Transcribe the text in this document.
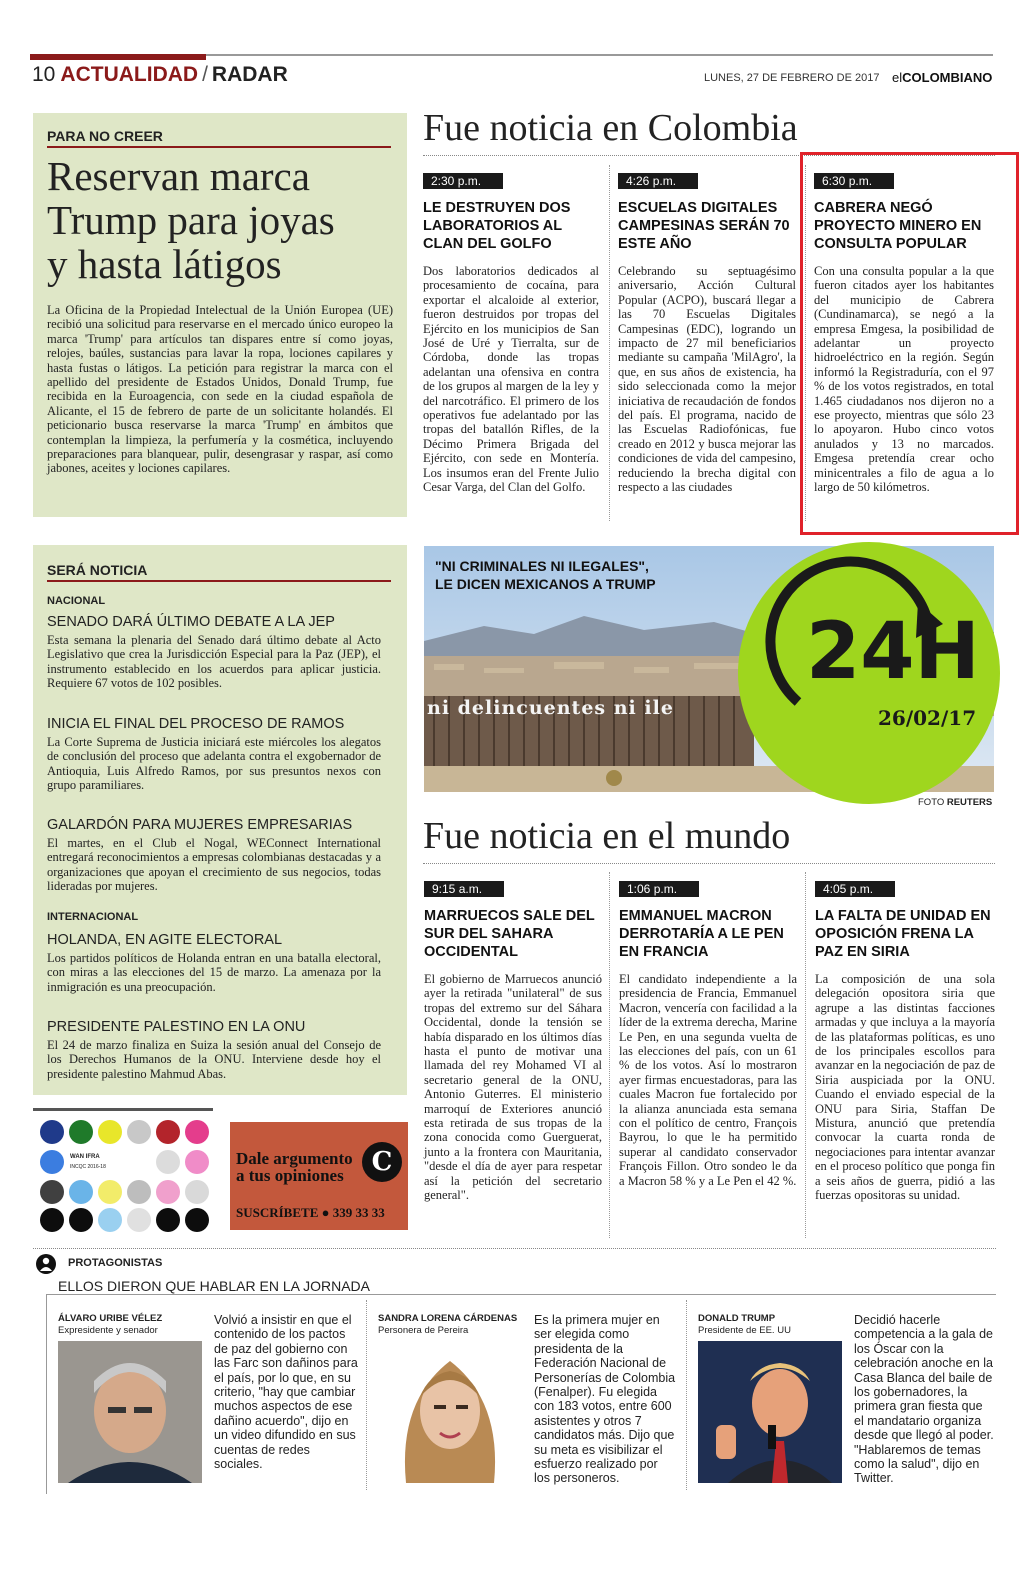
10 ACTUALIDAD / RADAR	LUNES, 27 DE FEBRERO DE 2017 elCOLOMBIANO
PARA NO CREER
Reservan marca
Trump para joyas
y hasta látigos
La Oficina de la Propiedad Intelectual de la Unión Europea (UE) recibió una solicitud para reservarse en el mercado único europeo la marca 'Trump' para artículos tan dispares entre sí como joyas, relojes, baúles, sustancias para lavar la ropa, lociones capilares y hasta fustas o látigos. La petición para registrar la marca con el apellido del presidente de Estados Unidos, Donald Trump, fue recibida en la Euroagencia, con sede en la ciudad española de Alicante, el 15 de febrero de parte de un solicitante holandés. El peticionario busca reservarse la marca 'Trump' en ámbitos que contemplan la limpieza, la perfumería y la cosmética, incluyendo preparaciones para blanquear, pulir, desengrasar y raspar, así como jabones, aceites y lociones capilares.
Fue noticia en Colombia
2:30 p.m.
LE DESTRUYEN DOS LABORATORIOS AL CLAN DEL GOLFO
Dos laboratorios dedicados al procesamiento de cocaína, para exportar el alcaloide al exterior, fueron destruidos por tropas del Ejército en los municipios de San José de Uré y Tierralta, sur de Córdoba, donde las tropas adelantan una ofensiva en contra de los grupos al margen de la ley y del narcotráfico. El primero de los operativos fue adelantado por las tropas del batallón Rifles, de la Décimo Primera Brigada del Ejército, con sede en Montería. Los insumos eran del Frente Julio Cesar Varga, del Clan del Golfo.
4:26 p.m.
ESCUELAS DIGITALES CAMPESINAS SERÁN 70 ESTE AÑO
Celebrando su septuagésimo aniversario, Acción Cultural Popular (ACPO), buscará llegar a las 70 Escuelas Digitales Campesinas (EDC), logrando un impacto de 27 mil beneficiarios mediante su campaña 'MilAgro', la que, en sus años de existencia, ha sido seleccionada como la mejor iniciativa de recaudación de fondos del país. El programa, nacido de las Escuelas Radiofónicas, fue creado en 2012 y busca mejorar las condiciones de vida del campesino, reduciendo la brecha digital con respecto a las ciudades
6:30 p.m.
CABRERA NEGÓ PROYECTO MINERO EN CONSULTA POPULAR
Con una consulta popular a la que fueron citados ayer los habitantes del municipio de Cabrera (Cundinamarca), se negó a la empresa Emgesa, la posibilidad de adelantar un proyecto hidroeléctrico en la región. Según informó la Registraduría, con el 97 % de los votos registrados, en total 1.465 ciudadanos nos dijeron no a ese proyecto, mientras que sólo 23 lo apoyaron. Hubo cinco votos anulados y 13 no marcados. Emgesa pretendía crear ocho minicentrales a filo de agua a lo largo de 50 kilómetros.
SERÁ NOTICIA
NACIONAL
SENADO DARÁ ÚLTIMO DEBATE A LA JEP
Esta semana la plenaria del Senado dará último debate al Acto Legislativo que crea la Jurisdicción Especial para la Paz (JEP), el instrumento establecido en los acuerdos para aplicar justicia. Requiere 67 votos de 102 posibles.
INICIA EL FINAL DEL PROCESO DE RAMOS
La Corte Suprema de Justicia iniciará este miércoles los alegatos de conclusión del proceso que adelanta contra el exgobernador de Antioquia, Luis Alfredo Ramos, por sus presuntos nexos con grupo paramiliares.
GALARDÓN PARA MUJERES EMPRESARIAS
El martes, en el Club el Nogal, WEConnect International entregará reconocimientos a empresas colombianas destacadas y a organizaciones que apoyan el crecimiento de sus negocios, todas lideradas por mujeres.
INTERNACIONAL
HOLANDA, EN AGITE ELECTORAL
Los partidos políticos de Holanda entran en una batalla electoral, con miras a las elecciones del 15 de marzo. La amenaza por la inmigración es una preocupación.
PRESIDENTE PALESTINO EN LA ONU
El 24 de marzo finaliza en Suiza la sesión anual del Consejo de los Derechos Humanos de la ONU. Interviene desde hoy el presidente palestino Mahmud Abas.
ni delincuentes ni ile
"NI CRIMINALES NI ILEGALES",
LE DICEN MEXICANOS A TRUMP
24H
26/02/17
FOTO REUTERS
Fue noticia en el mundo
9:15 a.m.
MARRUECOS SALE DEL SUR DEL SAHARA OCCIDENTAL
El gobierno de Marruecos anunció ayer la retirada "unilateral" de sus tropas del extremo sur del Sáhara Occidental, donde la tensión se había disparado en los últimos días hasta el punto de motivar una llamada del rey Mohamed VI al secretario general de la ONU, Antonio Guterres. El ministerio marroquí de Exteriores anunció esta retirada de sus tropas de la zona conocida como Guerguerat, junto a la frontera con Mauritania, "desde el día de ayer para respetar así la petición del secretario general".
1:06 p.m.
EMMANUEL MACRON DERROTARÍA A LE PEN EN FRANCIA
El candidato independiente a la presidencia de Francia, Emmanuel Macron, vencería con facilidad a la líder de la extrema derecha, Marine Le Pen, en una segunda vuelta de las elecciones del país, con un 61 % de los votos. Así lo mostraron ayer firmas encuestadoras, para las cuales Macron fue fortalecido por la alianza anunciada esta semana con el político de centro, François Bayrou, lo que le ha permitido superar al candidato conservador François Fillon. Otro sondeo le da a Macron 58 % y a Le Pen el 42 %.
4:05 p.m.
LA FALTA DE UNIDAD EN OPOSICIÓN FRENA LA PAZ EN SIRIA
La composición de una sola delegación opositora siria que agrupe a las distintas facciones armadas y que incluya a la mayoría de las plataformas políticas, es uno de los principales escollos para avanzar en la negociación de paz de Siria auspiciada por la ONU. Cuando el enviado especial de la ONU para Siria, Staffan De Mistura, anunció que pretendía convocar la cuarta ronda de negociaciones para intentar avanzar en el proceso político que ponga fin a seis años de guerra, pidió a las fuerzas opositoras su unidad.
WAN IFRA
INCQC 2016-18	Dale argumento
a tus opiniones	C
SUSCRÍBETE ● 339 33 33
PROTAGONISTAS
ELLOS DIERON QUE HABLAR EN LA JORNADA
ÁLVARO URIBE VÉLEZ
Expresidente y senador
Volvió a insistir en que el contenido de los pactos de paz del gobierno con las Farc son dañinos para el país, por lo que, en su criterio, "hay que cambiar muchos aspectos de ese dañino acuerdo", dijo en un video difundido en sus cuentas de redes sociales.
SANDRA LORENA CÁRDENAS
Personera de Pereira
Es la primera mujer en ser elegida como presidenta de la Federación Nacional de Personerías de Colombia (Fenalper). Fu elegida con 183 votos, entre 600 asistentes y otros 7 candidatos más. Dijo que su meta es visibilizar el esfuerzo realizado por los personeros.
DONALD TRUMP
Presidente de EE. UU
Decidió hacerle competencia a la gala de los Óscar con la celebración anoche en la Casa Blanca del baile de los gobernadores, la primera gran fiesta que el mandatario organiza desde que llegó al poder. "Hablaremos de temas como la salud", dijo en Twitter.
